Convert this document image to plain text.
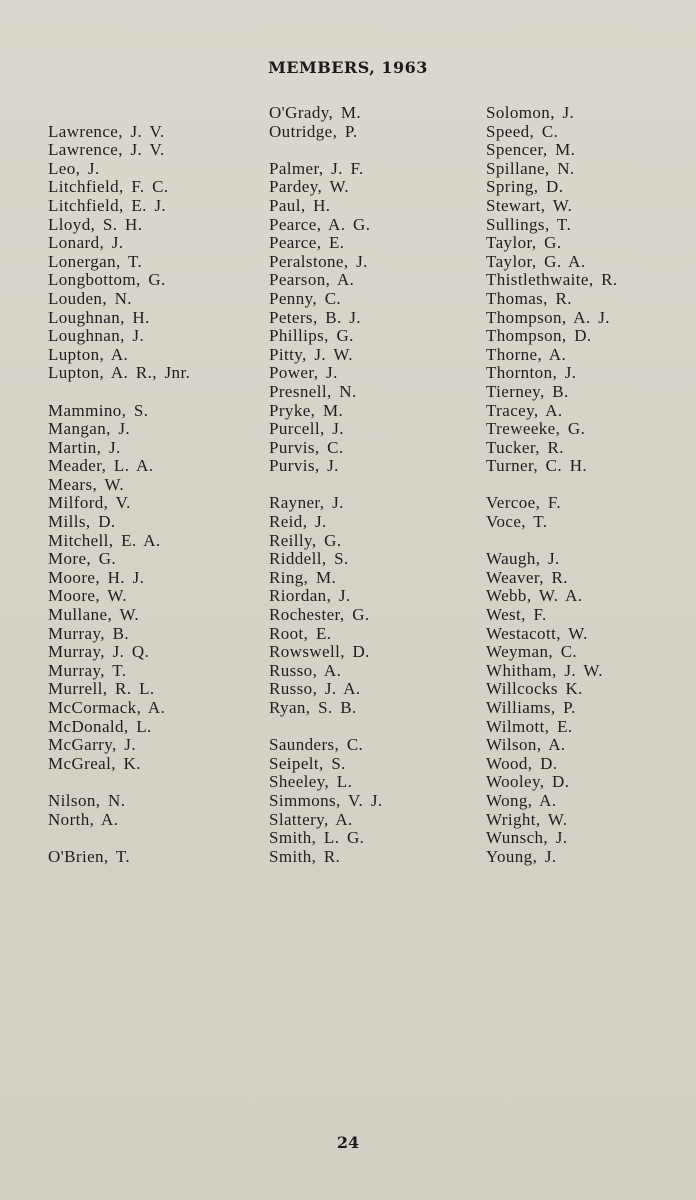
MEMBERS, 1963
Lawrence, J. V.
Lawrence, J. V.
Leo, J.
Litchfield, F. C.
Litchfield, E. J.
Lloyd, S. H.
Lonard, J.
Lonergan, T.
Longbottom, G.
Louden, N.
Loughnan, H.
Loughnan, J.
Lupton, A.
Lupton, A. R., Jnr.
Mammino, S.
Mangan, J.
Martin, J.
Meader, L. A.
Mears, W.
Milford, V.
Mills, D.
Mitchell, E. A.
More, G.
Moore, H. J.
Moore, W.
Mullane, W.
Murray, B.
Murray, J. Q.
Murray, T.
Murrell, R. L.
McCormack, A.
McDonald, L.
McGarry, J.
McGreal, K.
Nilson, N.
North, A.
O'Brien, T.
O'Grady, M.
Outridge, P.
Palmer, J. F.
Pardey, W.
Paul, H.
Pearce, A. G.
Pearce, E.
Peralstone, J.
Pearson, A.
Penny, C.
Peters, B. J.
Phillips, G.
Pitty, J. W.
Power, J.
Presnell, N.
Pryke, M.
Purcell, J.
Purvis, C.
Purvis, J.
Rayner, J.
Reid, J.
Reilly, G.
Riddell, S.
Ring, M.
Riordan, J.
Rochester, G.
Root, E.
Rowswell, D.
Russo, A.
Russo, J. A.
Ryan, S. B.
Saunders, C.
Seipelt, S.
Sheeley, L.
Simmons, V. J.
Slattery, A.
Smith, L. G.
Smith, R.
Solomon, J.
Speed, C.
Spencer, M.
Spillane, N.
Spring, D.
Stewart, W.
Sullings, T.
Taylor, G.
Taylor, G. A.
Thistlethwaite, R.
Thomas, R.
Thompson, A. J.
Thompson, D.
Thorne, A.
Thornton, J.
Tierney, B.
Tracey, A.
Treweeke, G.
Tucker, R.
Turner, C. H.
Vercoe, F.
Voce, T.
Waugh, J.
Weaver, R.
Webb, W. A.
West, F.
Westacott, W.
Weyman, C.
Whitham, J. W.
Willcocks K.
Williams, P.
Wilmott, E.
Wilson, A.
Wood, D.
Wooley, D.
Wong, A.
Wright, W.
Wunsch, J.
Young, J.
24
